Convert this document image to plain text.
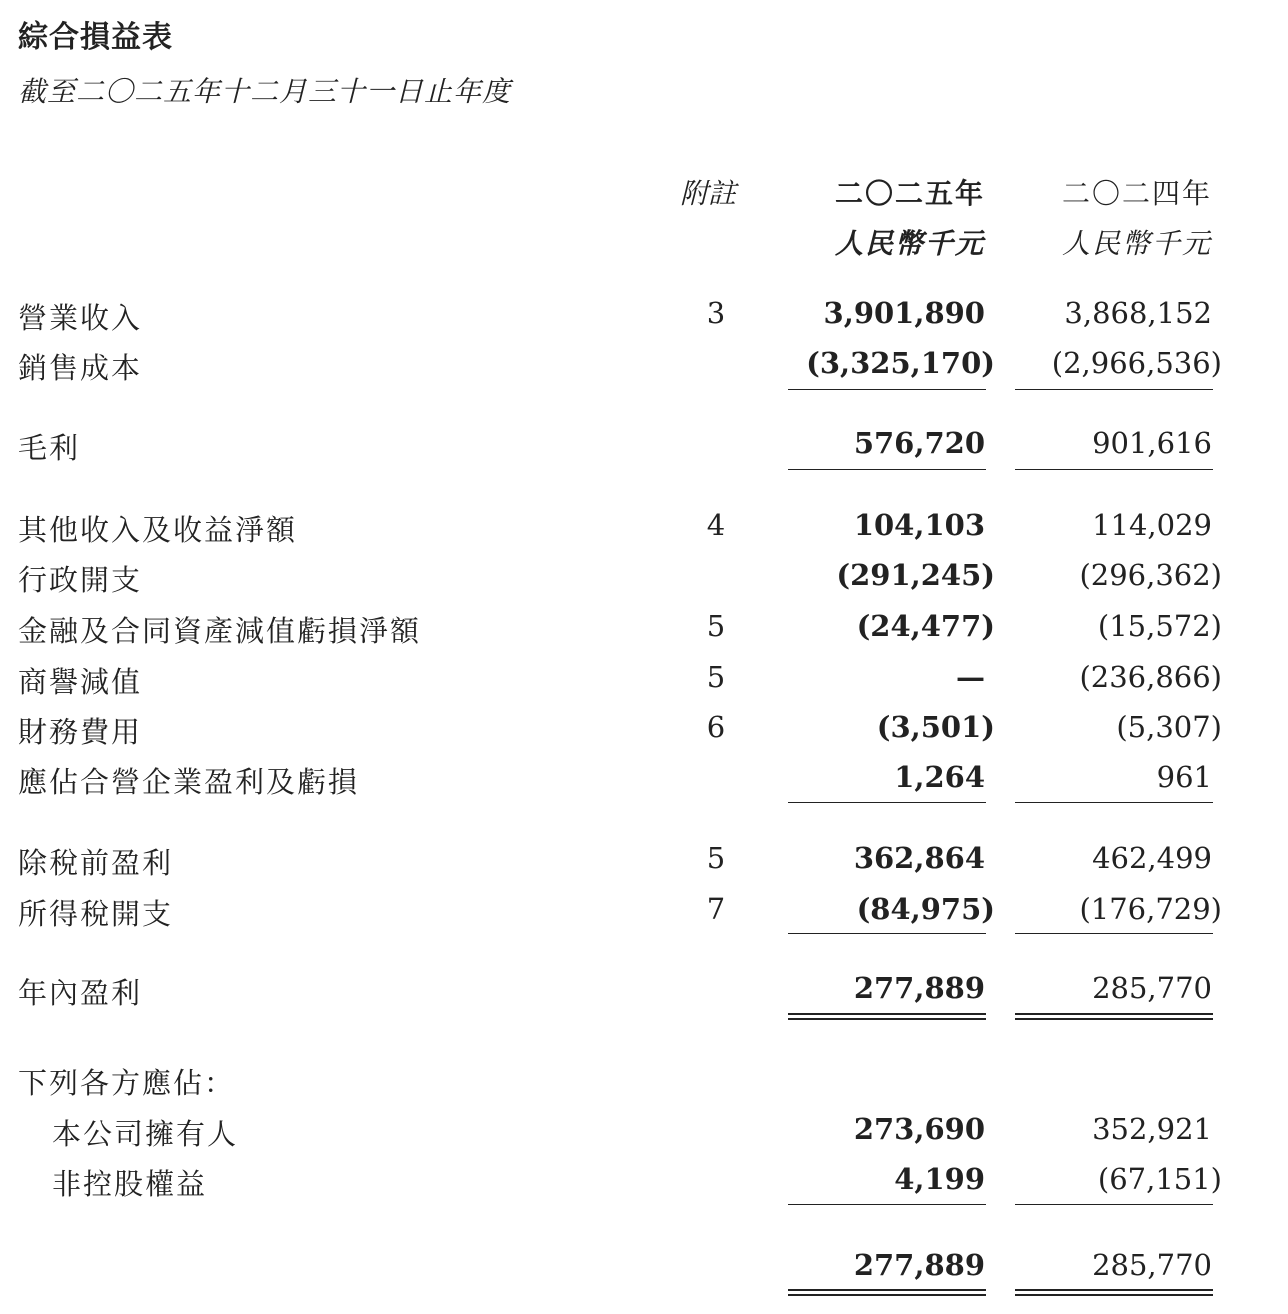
綜合損益表
截至二〇二五年十二月三十一日止年度
附註	二〇二五年	二〇二四年
人民幣千元	人民幣千元
營業收入	3	3,901,890	3,868,152
銷售成本	(3,325,170) (2,966,536)
毛利	576,720	901,616
其他收入及收益淨額	4	104,103	114,029
行政開支	(291,245)	(296,362)
金融及合同資產減值虧損淨額	5	(24,477)	(15,572)
商譽減值	5	—	(236,866)
財務費用	6	(3,501)	(5,307)
應佔合營企業盈利及虧損	1,264	961
除稅前盈利	5	362,864	462,499
所得稅開支	7	(84,975)	(176,729)
年內盈利	277,889	285,770
下列各方應佔：
本公司擁有人	273,690	352,921
非控股權益	4,199	(67,151)
277,889	285,770
